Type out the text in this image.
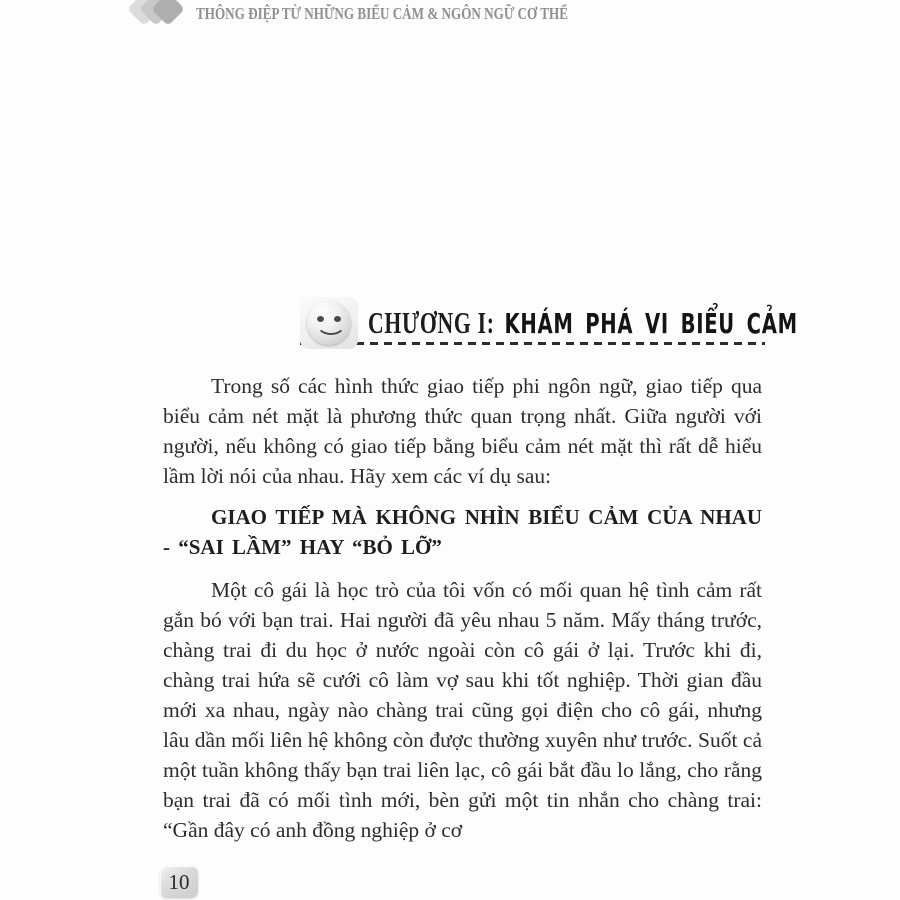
THÔNG ĐIỆP TỪ NHỮNG BIỂU CẢM & NGÔN NGỮ CƠ THỂ
CHƯƠNG I: KHÁM PHÁ VI BIỂU CẢM

Trong số các hình thức giao tiếp phi ngôn ngữ, giao tiếp qua biểu cảm nét mặt là phương thức quan trọng nhất. Giữa người với người, nếu không có giao tiếp bằng biểu cảm nét mặt thì rất dễ hiểu lầm lời nói của nhau. Hãy xem các ví dụ sau:

GIAO TIẾP MÀ KHÔNG NHÌN BIỂU CẢM CỦA NHAU - “SAI LẦM” HAY “BỎ LỠ”

Một cô gái là học trò của tôi vốn có mối quan hệ tình cảm rất gắn bó với bạn trai. Hai người đã yêu nhau 5 năm. Mấy tháng trước, chàng trai đi du học ở nước ngoài còn cô gái ở lại. Trước khi đi, chàng trai hứa sẽ cưới cô làm vợ sau khi tốt nghiệp. Thời gian đầu mới xa nhau, ngày nào chàng trai cũng gọi điện cho cô gái, nhưng lâu dần mối liên hệ không còn được thường xuyên như trước. Suốt cả một tuần không thấy bạn trai liên lạc, cô gái bắt đầu lo lắng, cho rằng bạn trai đã có mối tình mới, bèn gửi một tin nhắn cho chàng trai: “Gần đây có anh đồng nghiệp ở cơ

10
